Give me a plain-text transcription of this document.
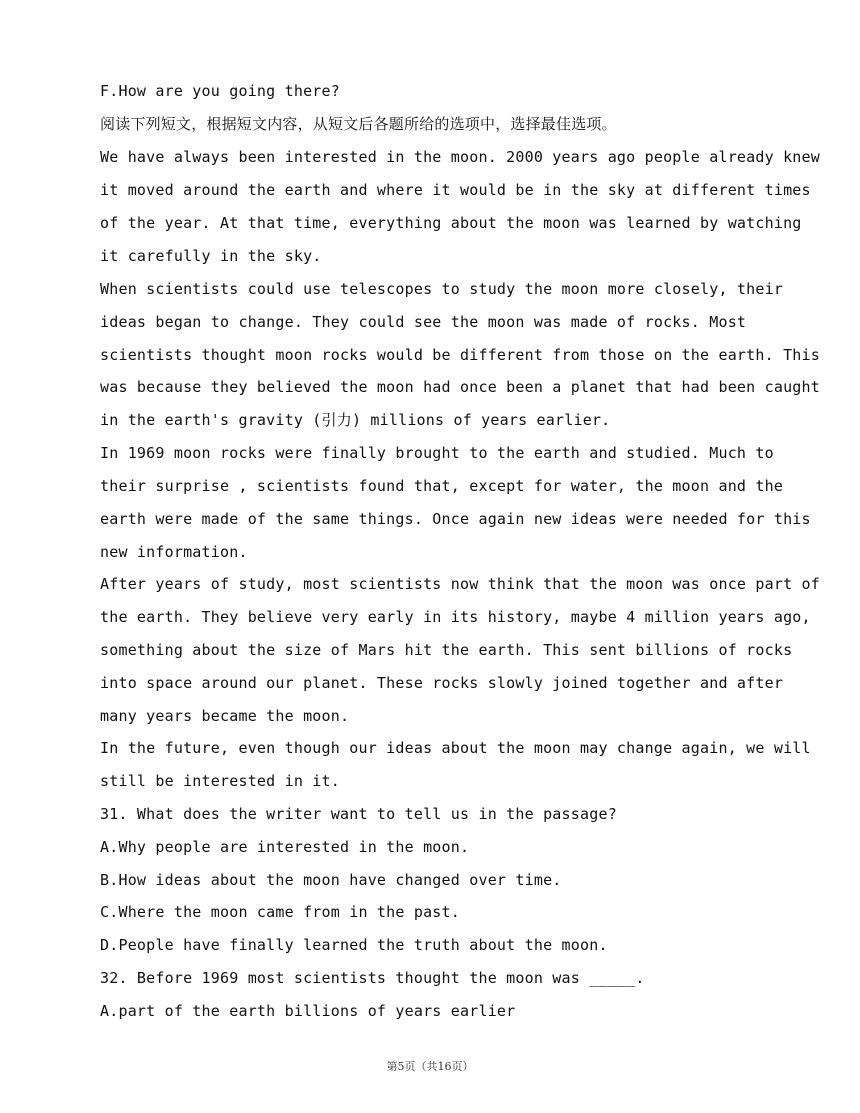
F.How are you going there?

阅读下列短文，根据短文内容，从短文后各题所给的选项中，选择最佳选项。

We have always been interested in the moon. 2000 years ago people already knew

it moved around the earth and where it would be in the sky at different times

of the year. At that time, everything about the moon was learned by watching

it carefully in the sky.

When scientists could use telescopes to study the moon more closely, their

ideas began to change. They could see the moon was made of rocks. Most

scientists thought moon rocks would be different from those on the earth. This

was because they believed the moon had once been a planet that had been caught

in the earth's gravity (引力) millions of years earlier.

In 1969 moon rocks were finally brought to the earth and studied. Much to

their surprise , scientists found that, except for water, the moon and the

earth were made of the same things. Once again new ideas were needed for this

new information.

After years of study, most scientists now think that the moon was once part of

the earth. They believe very early in its history, maybe 4 million years ago,

something about the size of Mars hit the earth. This sent billions of rocks

into space around our planet. These rocks slowly joined together and after

many years became the moon.

In the future, even though our ideas about the moon may change again, we will

still be interested in it.

31. What does the writer want to tell us in the passage?

A.Why people are interested in the moon.

B.How ideas about the moon have changed over time.

C.Where the moon came from in the past.

D.People have finally learned the truth about the moon.

32. Before 1969 most scientists thought the moon was _____.

A.part of the earth billions of years earlier

第5页（共16页）
